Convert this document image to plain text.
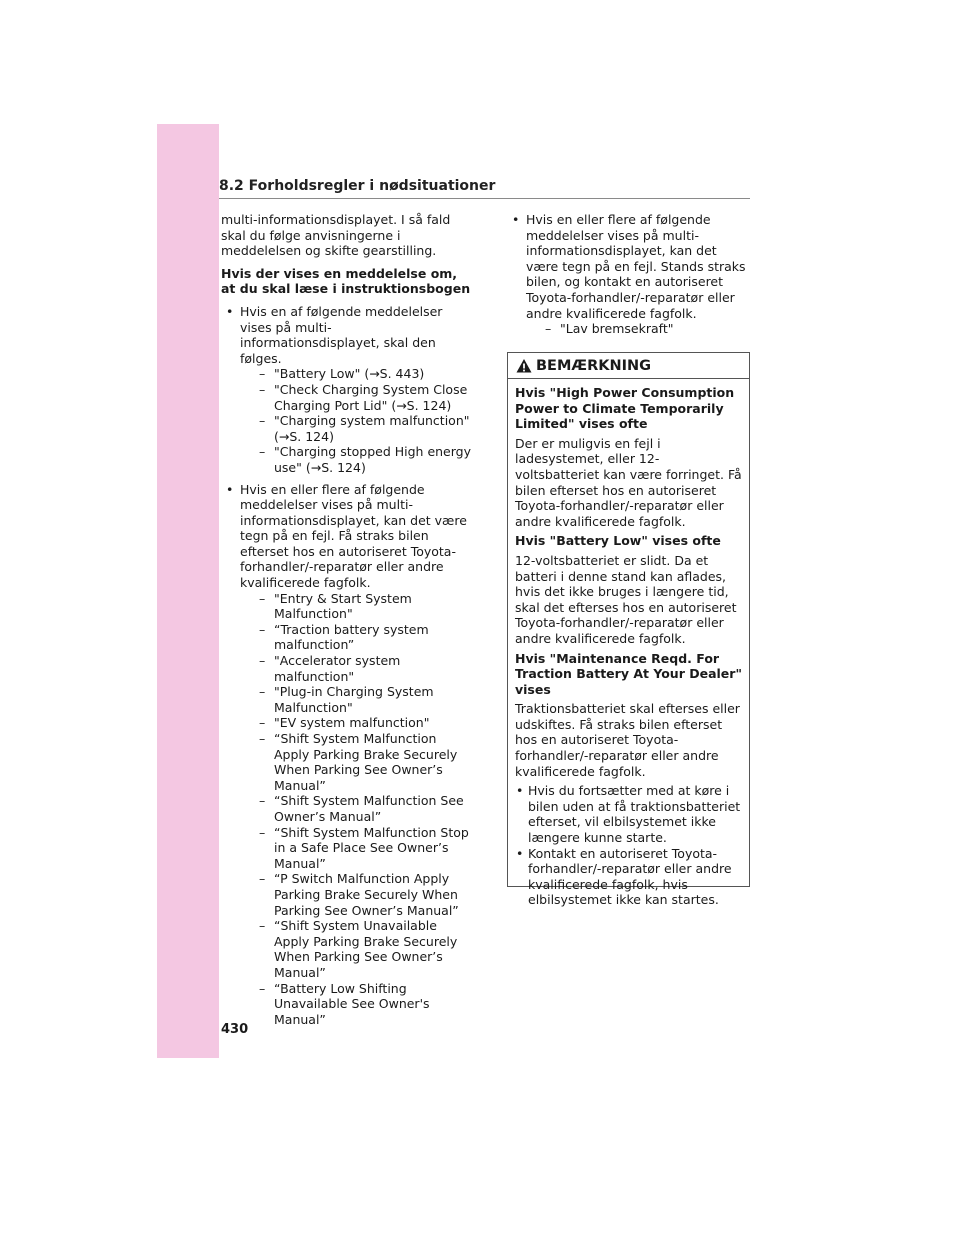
8.2 Forholdsregler i nødsituationer

multi-informationsdisplayet. I så fald skal du følge anvisningerne i meddelelsen og skifte gearstilling.

Hvis der vises en meddelelse om, at du skal læse i instruktionsbogen
• Hvis en af følgende meddelelser vises på multi-informationsdisplayet, skal den følges.
– "Battery Low" (→S. 443)
– "Check Charging System Close Charging Port Lid" (→S. 124)
– "Charging system malfunction" (→S. 124)
– "Charging stopped High energy use" (→S. 124)
• Hvis en eller flere af følgende meddelelser vises på multi-informationsdisplayet, kan det være tegn på en fejl. Få straks bilen efterset hos en autoriseret Toyota-forhandler/-reparatør eller andre kvalificerede fagfolk.
– "Entry & Start System Malfunction"
– “Traction battery system malfunction”
– "Accelerator system malfunction"
– "Plug-in Charging System Malfunction"
– "EV system malfunction"
– “Shift System Malfunction Apply Parking Brake Securely When Parking See Owner’s Manual”
– “Shift System Malfunction See Owner’s Manual”
– “Shift System Malfunction Stop in a Safe Place See Owner’s Manual”
– “P Switch Malfunction Apply Parking Brake Securely When Parking See Owner’s Manual”
– “Shift System Unavailable Apply Parking Brake Securely When Parking See Owner’s Manual”
– “Battery Low Shifting Unavailable See Owner's Manual”
• Hvis en eller flere af følgende meddelelser vises på multi-informationsdisplayet, kan det være tegn på en fejl. Stands straks bilen, og kontakt en autoriseret Toyota-forhandler/-reparatør eller andre kvalificerede fagfolk.
– "Lav bremsekraft"
BEMÆRKNING
Hvis "High Power Consumption Power to Climate Temporarily Limited" vises ofte

Der er muligvis en fejl i ladesystemet, eller 12-voltsbatteriet kan være forringet. Få bilen efterset hos en autoriseret Toyota-forhandler/-reparatør eller andre kvalificerede fagfolk.

Hvis "Battery Low" vises ofte

12-voltsbatteriet er slidt. Da et batteri i denne stand kan aflades, hvis det ikke bruges i længere tid, skal det efterses hos en autoriseret Toyota-forhandler/-reparatør eller andre kvalificerede fagfolk.

Hvis "Maintenance Reqd. For Traction Battery At Your Dealer" vises

Traktionsbatteriet skal efterses eller udskiftes. Få straks bilen efterset hos en autoriseret Toyota-forhandler/-reparatør eller andre kvalificerede fagfolk.

• Hvis du fortsætter med at køre i bilen uden at få traktionsbatteriet efterset, vil elbilsystemet ikke længere kunne starte.
• Kontakt en autoriseret Toyota-forhandler/-reparatør eller andre kvalificerede fagfolk, hvis elbilsystemet ikke kan startes.
430
